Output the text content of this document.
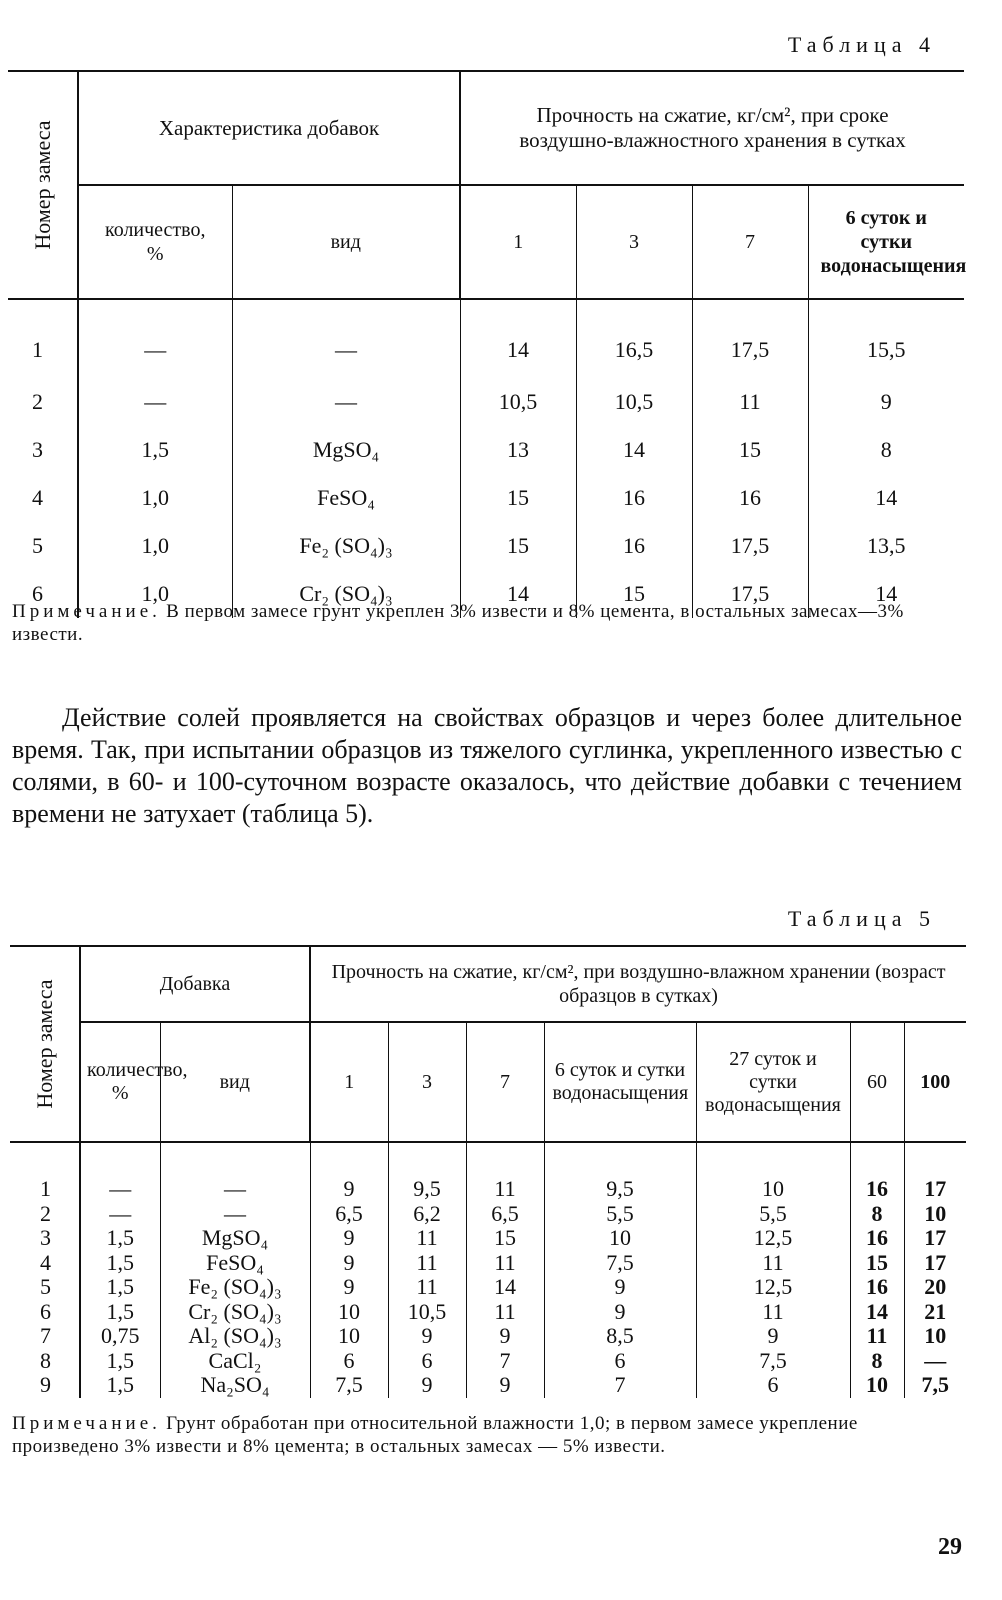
Таблица 4
Номер замеса	Характеристика добавок		Прочность на сжатие, кг/см², при сроке воздушно-влажностного хранения в сутках			
	количество, %	вид	1	3	7	6 суток и сутки водонасыщения
1	—	—	14	16,5	17,5	15,5
2	—	—	10,5	10,5	11	9
3	1,5	MgSO₄	13	14	15	8
4	1,0	FeSO₄	15	16	16	14
5	1,0	Fe₂ (SO₄)₃	15	16	17,5	13,5
6	1,0	Cr₂ (SO₄)₃	14	15	17,5	14
Примечание. В первом замесе грунт укреплен 3% извести и 8% цемента, в остальных замесах—3% извести.
Действие солей проявляется на свойствах образцов и через более длительное время. Так, при испытании образцов из тяжелого суглинка, укрепленного известью с солями, в 60- и 100-суточном возрасте оказалось, что действие добавки с течением времени не затухает (таблица 5).
Таблица 5
Номер замеса	Добавка		Прочность на сжатие, кг/см², при воздушно-влажном хранении (возраст образцов в сутках)						
	количество, %	вид	1	3	7	6 суток и сутки водонасыщения	27 суток и сутки водонасыщения	60	100
1	—	—	9	9,5	11	9,5	10	16	17
2	—	—	6,5	6,2	6,5	5,5	5,5	8	10
3	1,5	MgSO₄	9	11	15	10	12,5	16	17
4	1,5	FeSO₄	9	11	11	7,5	11	15	17
5	1,5	Fe₂ (SO₄)₃	9	11	14	9	12,5	16	20
6	1,5	Cr₂ (SO₄)₃	10	10,5	11	9	11	14	21
7	0,75	Al₂ (SO₄)₃	10	9	9	8,5	9	11	10
8	1,5	CaCl₂	6	6	7	6	7,5	8	—
9	1,5	Na₂SO₄	7,5	9	9	7	6	10	7,5
Примечание. Грунт обработан при относительной влажности 1,0; в первом замесе укрепление произведено 3% извести и 8% цемента; в остальных замесах — 5% извести.
29
